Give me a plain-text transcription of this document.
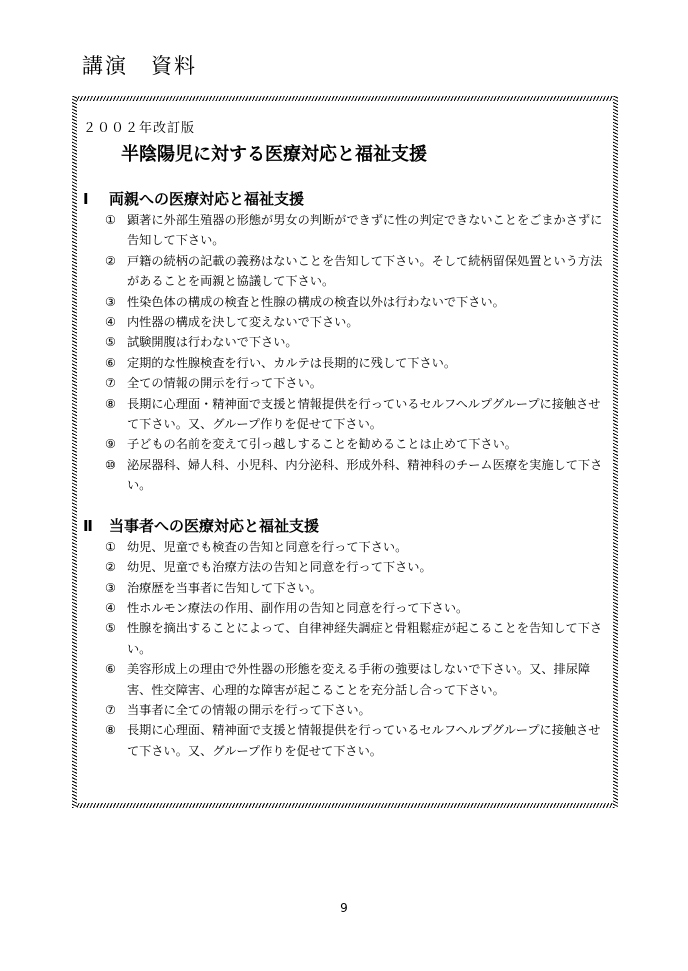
講演　資料
２００２年改訂版
半陰陽児に対する医療対応と福祉支援
Ⅰ	両親への医療対応と福祉支援
① 顕著に外部生殖器の形態が男女の判断ができずに性の判定できないことをごまかさずに告知して下さい。
② 戸籍の続柄の記載の義務はないことを告知して下さい。そして続柄留保処置という方法があることを両親と協議して下さい。
③ 性染色体の構成の検査と性腺の構成の検査以外は行わないで下さい。
④ 内性器の構成を決して変えないで下さい。
⑤ 試験開腹は行わないで下さい。
⑥ 定期的な性腺検査を行い、カルテは長期的に残して下さい。
⑦ 全ての情報の開示を行って下さい。
⑧ 長期に心理面・精神面で支援と情報提供を行っているセルフヘルプグループに接触させて下さい。又、グループ作りを促せて下さい。
⑨ 子どもの名前を変えて引っ越しすることを勧めることは止めて下さい。
⑩ 泌尿器科、婦人科、小児科、内分泌科、形成外科、精神科のチーム医療を実施して下さい。
Ⅱ 当事者への医療対応と福祉支援
① 幼児、児童でも検査の告知と同意を行って下さい。
② 幼児、児童でも治療方法の告知と同意を行って下さい。
③ 治療歴を当事者に告知して下さい。
④ 性ホルモン療法の作用、副作用の告知と同意を行って下さい。
⑤ 性腺を摘出することによって、自律神経失調症と骨粗鬆症が起こることを告知して下さい。
⑥ 美容形成上の理由で外性器の形態を変える手術の強要はしないで下さい。又、排尿障害、性交障害、心理的な障害が起こることを充分話し合って下さい。
⑦ 当事者に全ての情報の開示を行って下さい。
⑧ 長期に心理面、精神面で支援と情報提供を行っているセルフヘルプグループに接触させて下さい。又、グループ作りを促せて下さい。
9
